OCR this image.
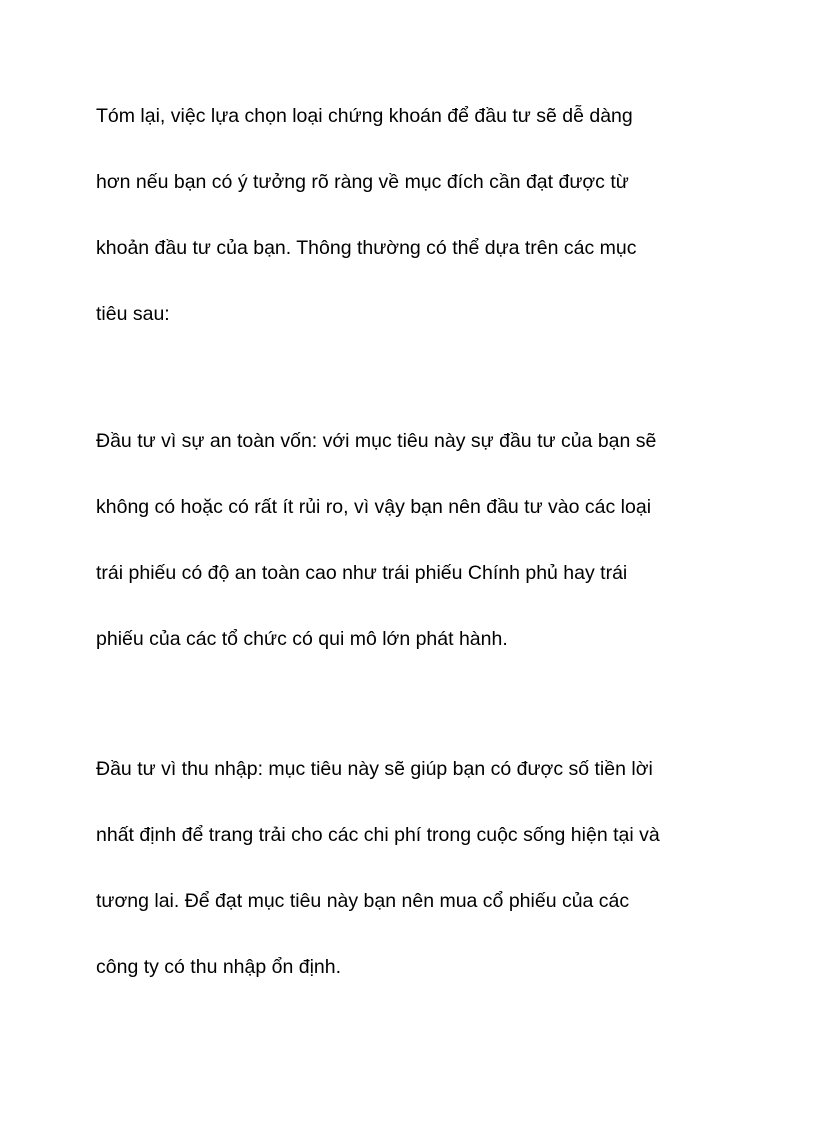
Tóm lại, việc lựa chọn loại chứng khoán để đầu tư sẽ dễ dàng
hơn nếu bạn có ý tưởng rõ ràng về mục đích cần đạt được từ
khoản đầu tư của bạn. Thông thường có thể dựa trên các mục
tiêu sau:
Đầu tư vì sự an toàn vốn: với mục tiêu này sự đầu tư của bạn sẽ
không có hoặc có rất ít rủi ro, vì vậy bạn nên đầu tư vào các loại
trái phiếu có độ an toàn cao như trái phiếu Chính phủ hay trái
phiếu của các tổ chức có qui mô lớn phát hành.
Đầu tư vì thu nhập: mục tiêu này sẽ giúp bạn có được số tiền lời
nhất định để trang trải cho các chi phí trong cuộc sống hiện tại và
tương lai. Để đạt mục tiêu này bạn nên mua cổ phiếu của các
công ty có thu nhập ổn định.
